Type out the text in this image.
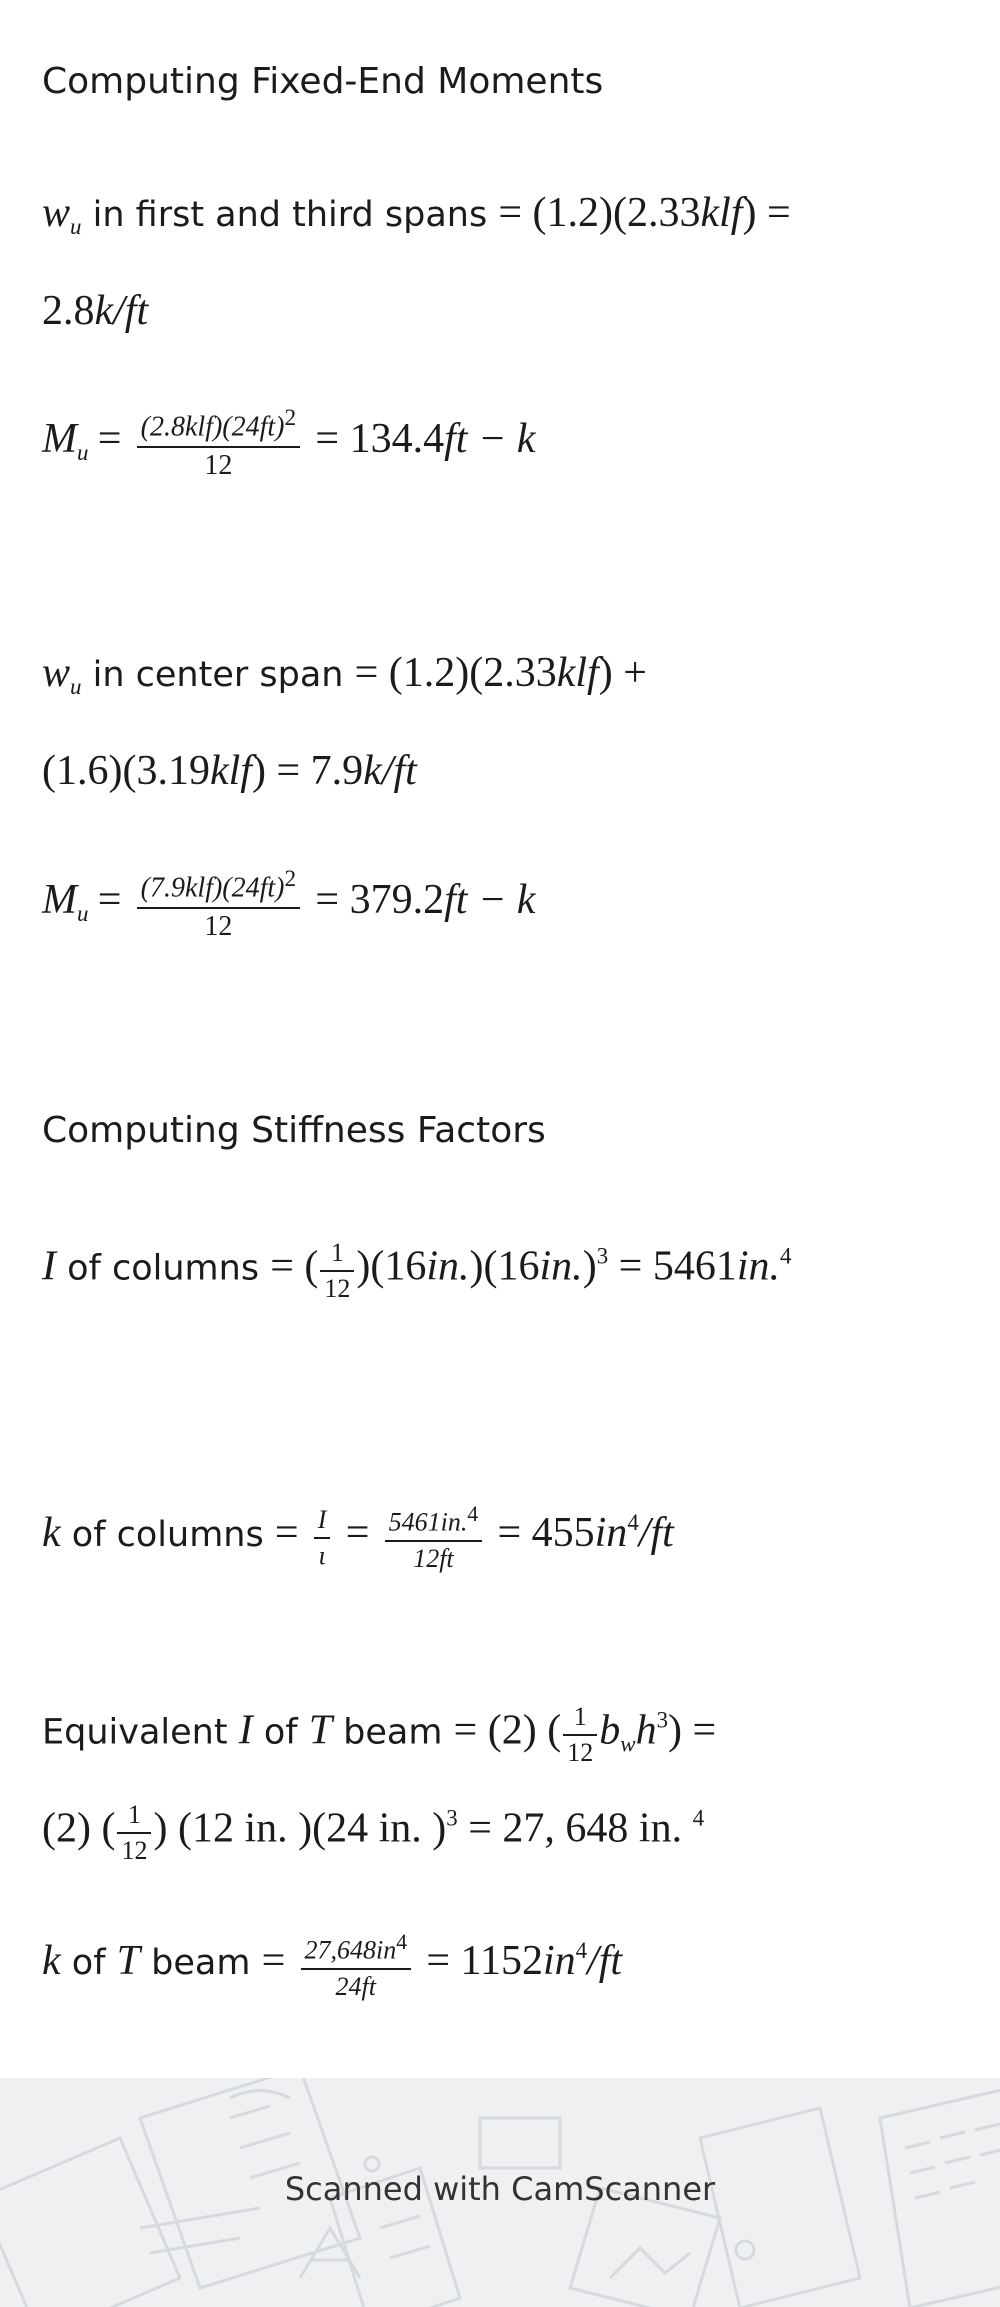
Computing Fixed-End Moments
$w_u$ in first and third spans = (1.2)(2.33klf) =
2.8k/ft
$M_u = \frac{(2.8klf)(24ft)^2}{12} = 134.4ft - k$
$w_u$ in center span = (1.2)(2.33klf) +
(1.6)(3.19klf) = 7.9k/ft
$M_u = \frac{(7.9klf)(24ft)^2}{12} = 379.2ft - k$
Computing Stiffness Factors
I of columns = ( $\frac{1}{12} )(16in.)(16in.)^3 = 5461in.^4$
k of columns = $\frac{I}{\iota} = \frac{5461in.^4}{12ft} = 455in^4/ft$
Equivalent I of T beam = (2) ( $\frac{1}{12} b_wh^3$) =
(2) ( $\frac{1}{12}$ ) (12 in. )(24 in. )$^3$ = 27, 648 in. $^4$
k of T beam = $\frac{27,648in^4}{24ft} = 1152in^4/ft$
Scanned with CamScanner
